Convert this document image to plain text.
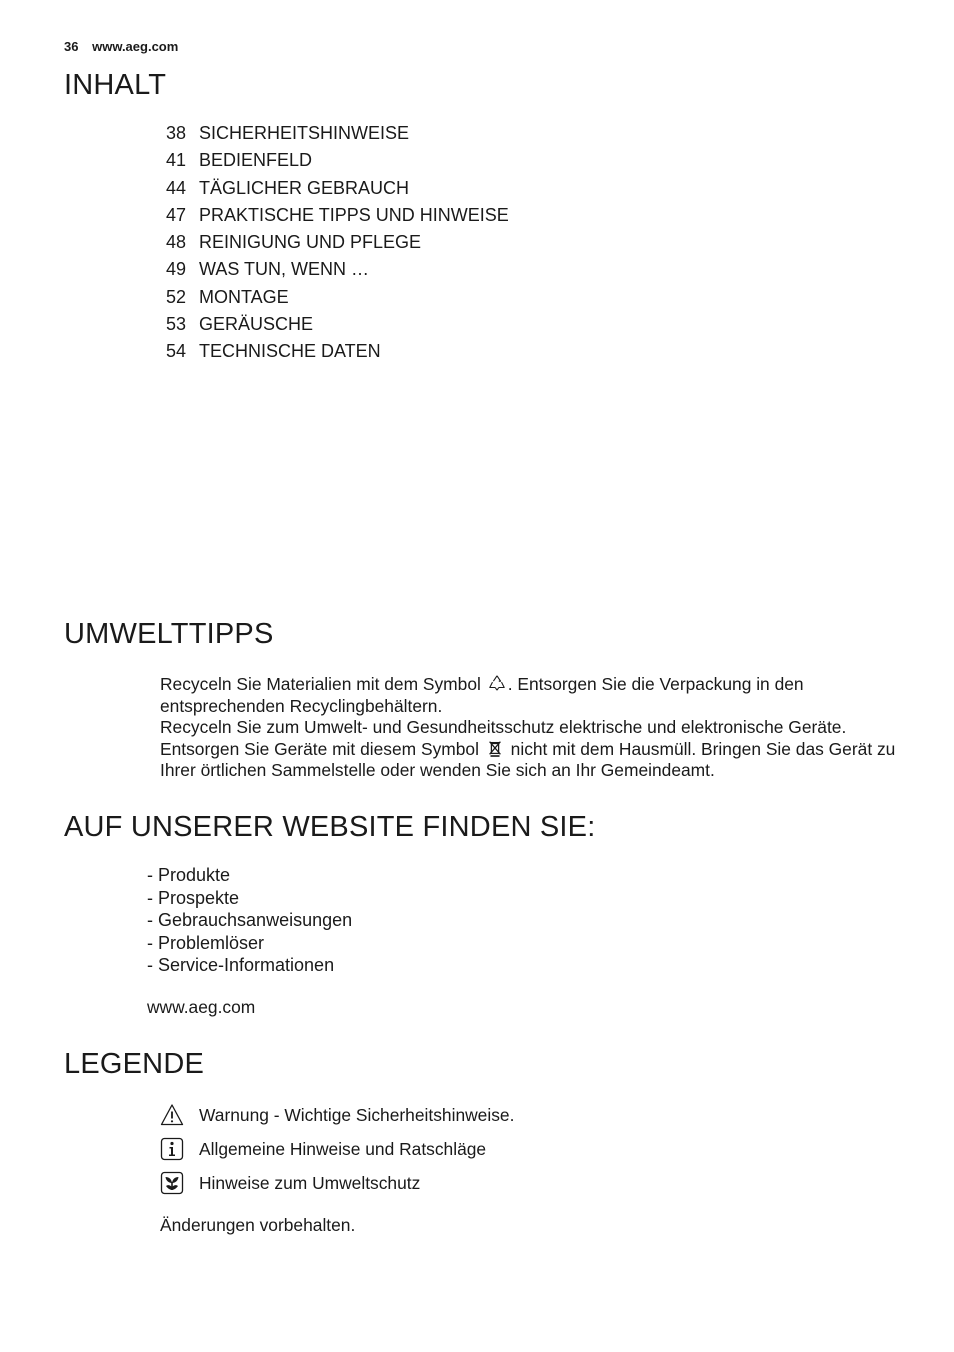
36 www.aeg.com
INHALT
38 SICHERHEITSHINWEISE
41 BEDIENFELD
44 TÄGLICHER GEBRAUCH
47 PRAKTISCHE TIPPS UND HINWEISE
48 REINIGUNG UND PFLEGE
49 WAS TUN, WENN …
52 MONTAGE
53 GERÄUSCHE
54 TECHNISCHE DATEN
UMWELTTIPPS

Recyceln Sie Materialien mit dem Symbol . Entsorgen Sie die Verpackung in den entsprechenden Recyclingbehältern.

Recyceln Sie zum Umwelt- und Gesundheitsschutz elektrische und elektronische Geräte.

Entsorgen Sie Geräte mit diesem Symbol nicht mit dem Hausmüll. Bringen Sie das Gerät zu Ihrer örtlichen Sammelstelle oder wenden Sie sich an Ihr Gemeindeamt.

AUF UNSERER WEBSITE FINDEN SIE:
- Produkte
- Prospekte
- Gebrauchsanweisungen
- Problemlöser
- Service-Informationen
www.aeg.com
LEGENDE
Warnung - Wichtige Sicherheitshinweise.
Allgemeine Hinweise und Ratschläge
Hinweise zum Umweltschutz
Änderungen vorbehalten.
